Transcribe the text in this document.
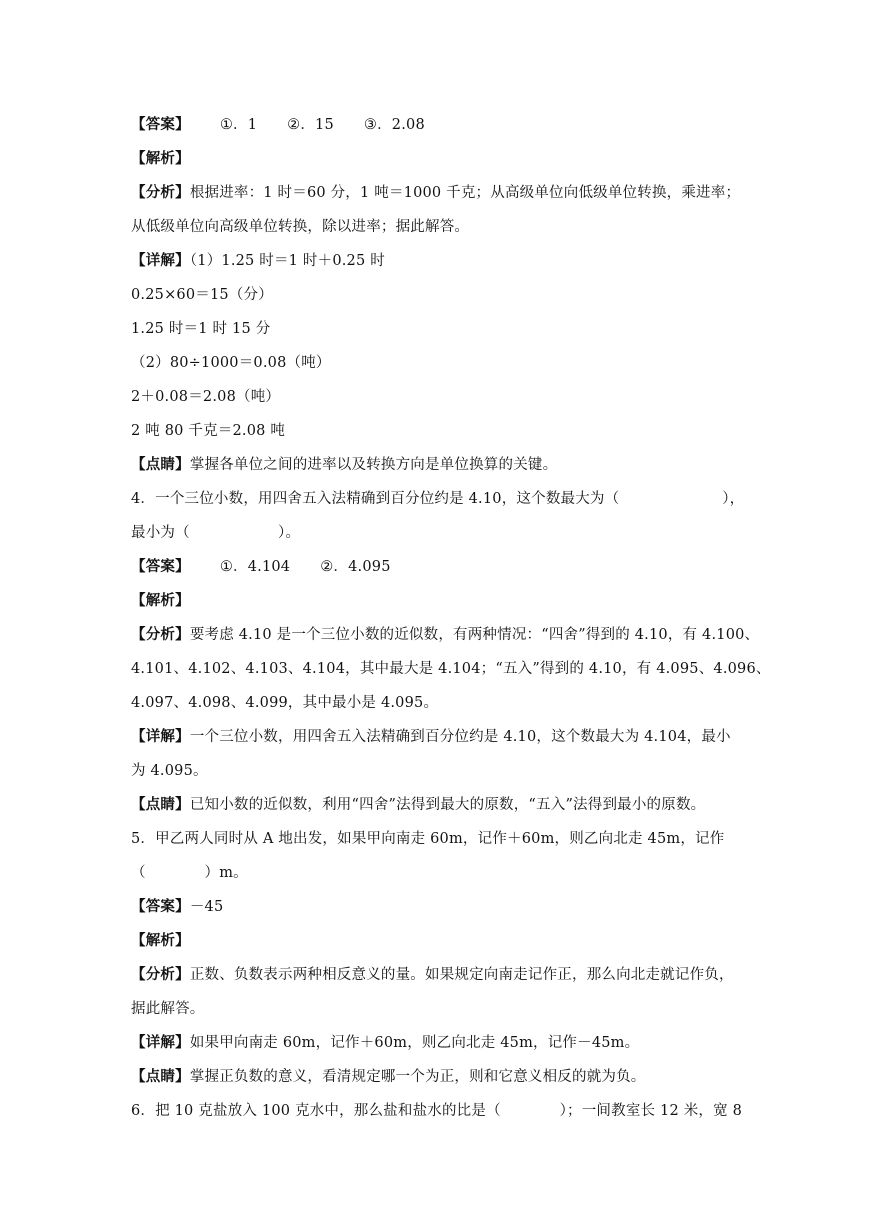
【答案】 ①．1 ②．15 ③．2.08
【解析】
【分析】根据进率：1 时＝60 分，1 吨＝1000 千克；从高级单位向低级单位转换，乘进率；
从低级单位向高级单位转换，除以进率；据此解答。
【详解】（1）1.25 时＝1 时＋0.25 时
0.25×60＝15（分）
1.25 时＝1 时 15 分
（2）80÷1000＝0.08（吨）
2＋0.08＝2.08（吨）
2 吨 80 千克＝2.08 吨
【点睛】掌握各单位之间的进率以及转换方向是单位换算的关键。
4．一个三位小数，用四舍五入法精确到百分位约是 4.10，这个数最大为（　　　　　　　），
最小为（　　　　　　）。
【答案】 ①．4.104 ②．4.095
【解析】
【分析】要考虑 4.10 是一个三位小数的近似数，有两种情况：“四舍”得到的 4.10，有 4.100、
4.101、4.102、4.103、4.104，其中最大是 4.104；“五入”得到的 4.10，有 4.095、4.096、
4.097、4.098、4.099，其中最小是 4.095。
【详解】一个三位小数，用四舍五入法精确到百分位约是 4.10，这个数最大为 4.104，最小
为 4.095。
【点睛】已知小数的近似数，利用“四舍”法得到最大的原数，“五入”法得到最小的原数。
5．甲乙两人同时从 A 地出发，如果甲向南走 60m，记作＋60m，则乙向北走 45m，记作
（　　　　）m。
【答案】－45
【解析】
【分析】正数、负数表示两种相反意义的量。如果规定向南走记作正，那么向北走就记作负，
据此解答。
【详解】如果甲向南走 60m，记作＋60m，则乙向北走 45m，记作－45m。
【点睛】掌握正负数的意义，看清规定哪一个为正，则和它意义相反的就为负。
6．把 10 克盐放入 100 克水中，那么盐和盐水的比是（　　　　）；一间教室长 12 米，宽 8
